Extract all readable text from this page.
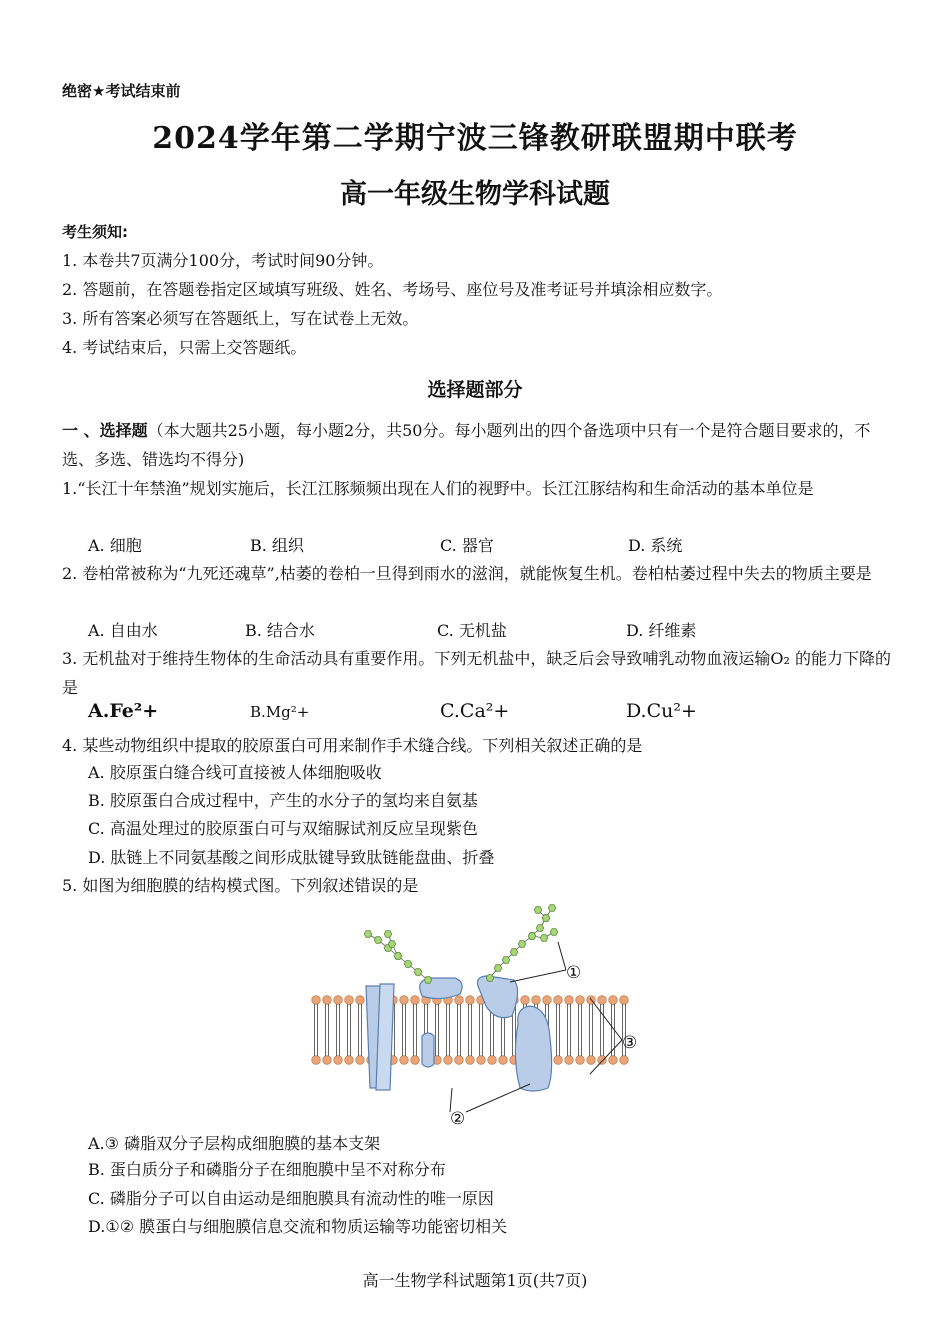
绝密★考试结束前
2024学年第二学期宁波三锋教研联盟期中联考
高一年级生物学科试题
考生须知:
1. 本卷共7页满分100分，考试时间90分钟。
2. 答题前，在答题卷指定区域填写班级、姓名、考场号、座位号及准考证号并填涂相应数字。
3. 所有答案必须写在答题纸上，写在试卷上无效。
4. 考试结束后，只需上交答题纸。
选择题部分
一 、选择题（本大题共25小题，每小题2分，共50分。每小题列出的四个备选项中只有一个是符合题目要求的，不选、多选、错选均不得分)
1.“长江十年禁渔”规划实施后，长江江豚频频出现在人们的视野中。长江江豚结构和生命活动的基本单位是
A. 细胞	B. 组织	C. 器官	D. 系统
2. 卷柏常被称为“九死还魂草”,枯萎的卷柏一旦得到雨水的滋润，就能恢复生机。卷柏枯萎过程中失去的物质主要是
A. 自由水	B. 结合水	C. 无机盐	D. 纤维素
3. 无机盐对于维持生物体的生命活动具有重要作用。下列无机盐中，缺乏后会导致哺乳动物血液运输O₂ 的能力下降的是
A.Fe²+	B.Mg²+	C.Ca²+	D.Cu²+
4. 某些动物组织中提取的胶原蛋白可用来制作手术缝合线。下列相关叙述正确的是
A. 胶原蛋白缝合线可直接被人体细胞吸收
B. 胶原蛋白合成过程中，产生的水分子的氢均来自氨基
C. 高温处理过的胶原蛋白可与双缩脲试剂反应呈现紫色
D. 肽链上不同氨基酸之间形成肽键导致肽链能盘曲、折叠
5. 如图为细胞膜的结构模式图。下列叙述错误的是
①
②
③
A.③ 磷脂双分子层构成细胞膜的基本支架
B. 蛋白质分子和磷脂分子在细胞膜中呈不对称分布
C. 磷脂分子可以自由运动是细胞膜具有流动性的唯一原因
D.①② 膜蛋白与细胞膜信息交流和物质运输等功能密切相关
高一生物学科试题第1页(共7页)
